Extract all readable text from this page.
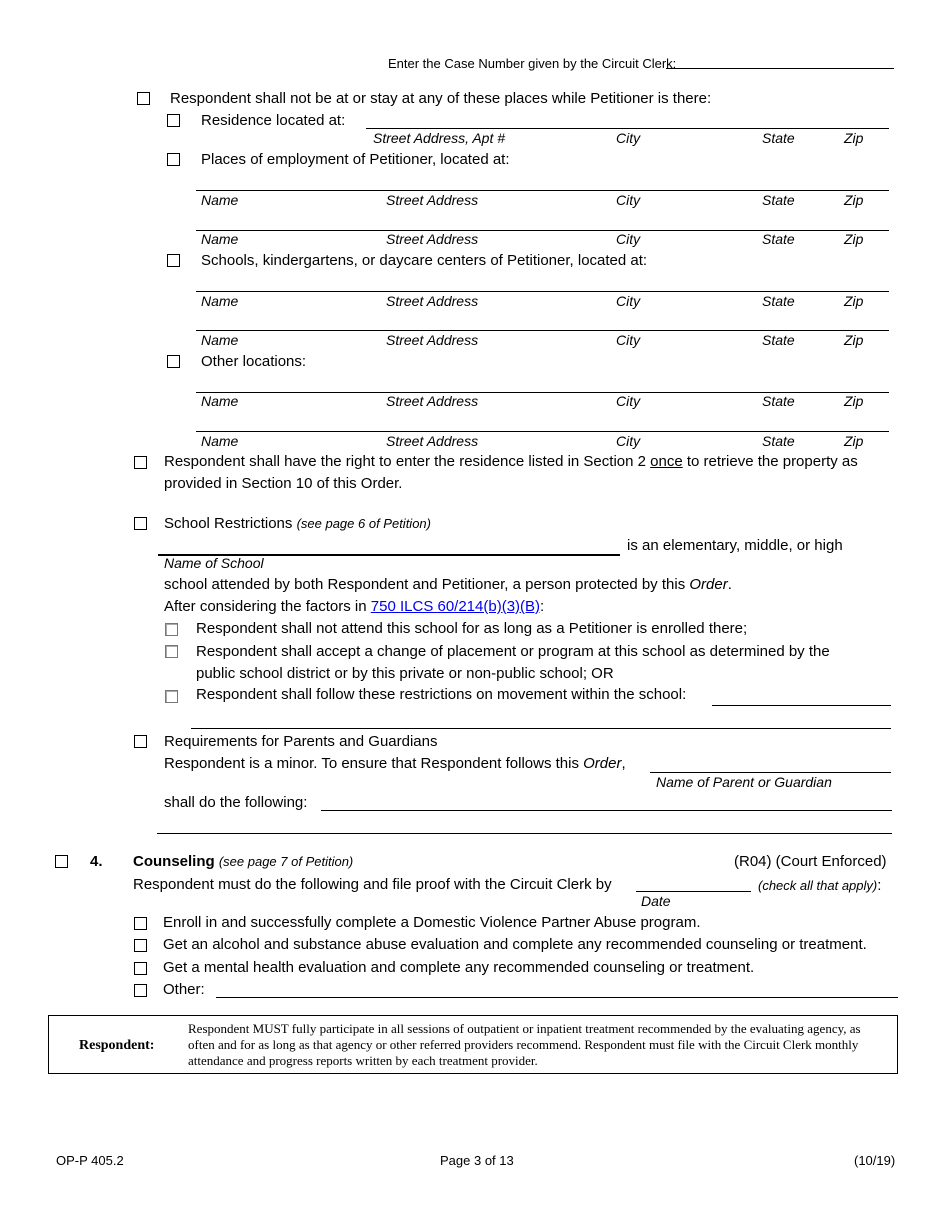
Enter the Case Number given by the Circuit Clerk:
Respondent shall not be at or stay at any of these places while Petitioner is there:
Residence located at:
Street Address, Apt #	City	State	Zip
Places of employment of Petitioner, located at:
Name	Street Address	City	State	Zip
Name	Street Address	City	State	Zip
Schools, kindergartens, or daycare centers of Petitioner, located at:
Name	Street Address	City	State	Zip
Name	Street Address	City	State	Zip
Other locations:
Name	Street Address	City	State	Zip
Name	Street Address	City	State	Zip
Respondent shall have the right to enter the residence listed in Section 2 once to retrieve the property as
provided in Section 10 of this Order.
School Restrictions (see page 6 of Petition)
is an elementary, middle, or high
Name of School
school attended by both Respondent and Petitioner, a person protected by this Order.
After considering the factors in 750 ILCS 60/214(b)(3)(B):
Respondent shall not attend this school for as long as a Petitioner is enrolled there;
Respondent shall accept a change of placement or program at this school as determined by the
public school district or by this private or non-public school; OR
Respondent shall follow these restrictions on movement within the school:
Requirements for Parents and Guardians
Respondent is a minor. To ensure that Respondent follows this Order,
Name of Parent or Guardian
shall do the following:
4. Counseling (see page 7 of Petition)	(R04) (Court Enforced)
Respondent must do the following and file proof with the Circuit Clerk by	(check all that apply):
Date
Enroll in and successfully complete a Domestic Violence Partner Abuse program.
Get an alcohol and substance abuse evaluation and complete any recommended counseling or treatment.
Get a mental health evaluation and complete any recommended counseling or treatment.
Other:
Respondent:
Respondent MUST fully participate in all sessions of outpatient or inpatient treatment recommended by the evaluating agency, as often and for as long as that agency or other referred providers recommend. Respondent must file with the Circuit Clerk monthly attendance and progress reports written by each treatment provider.
OP-P 405.2	Page 3 of 13	(10/19)
